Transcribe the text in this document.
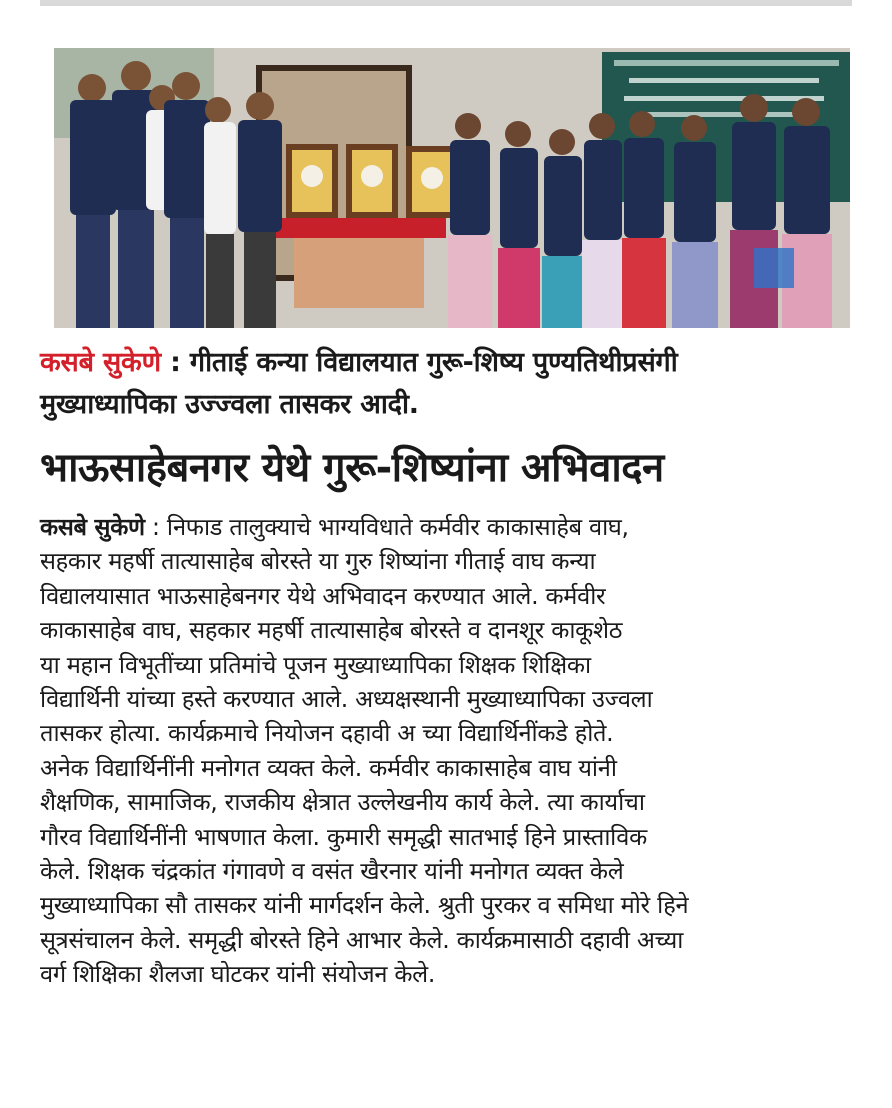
कसबे सुकेणे : गीताई कन्या विद्यालयात गुरू-शिष्य पुण्यतिथीप्रसंगी
मुख्याध्यापिका उज्ज्वला तासकर आदी.
भाऊसाहेबनगर येथे गुरू-शिष्यांना अभिवादन
कसबे सुकेणे : निफाड तालुक्याचे भाग्यविधाते कर्मवीर काकासाहेब वाघ,
सहकार महर्षी तात्यासाहेब बोरस्ते या गुरु शिष्यांना गीताई वाघ कन्या
विद्यालयासात भाऊसाहेबनगर येथे अभिवादन करण्यात आले. कर्मवीर
काकासाहेब वाघ, सहकार महर्षी तात्यासाहेब बोरस्ते व दानशूर काकूशेठ
या महान विभूतींच्या प्रतिमांचे पूजन मुख्याध्यापिका शिक्षक शिक्षिका
विद्यार्थिनी यांच्या हस्ते करण्यात आले. अध्यक्षस्थानी मुख्याध्यापिका उज्वला
तासकर होत्या. कार्यक्रमाचे नियोजन दहावी अ च्या विद्यार्थिनींकडे होते.
अनेक विद्यार्थिनींनी मनोगत व्यक्त केले. कर्मवीर काकासाहेब वाघ यांनी
शैक्षणिक, सामाजिक, राजकीय क्षेत्रात उल्लेखनीय कार्य केले. त्या कार्याचा
गौरव विद्यार्थिनींनी भाषणात केला. कुमारी समृद्धी सातभाई हिने प्रास्ताविक
केले. शिक्षक चंद्रकांत गंगावणे व वसंत खैरनार यांनी मनोगत व्यक्त केले
मुख्याध्यापिका सौ तासकर यांनी मार्गदर्शन केले. श्रुती पुरकर व समिधा मोरे हिने
सूत्रसंचालन केले. समृद्धी बोरस्ते हिने आभार केले. कार्यक्रमासाठी दहावी अच्या
वर्ग शिक्षिका शैलजा घोटकर यांनी संयोजन केले.
